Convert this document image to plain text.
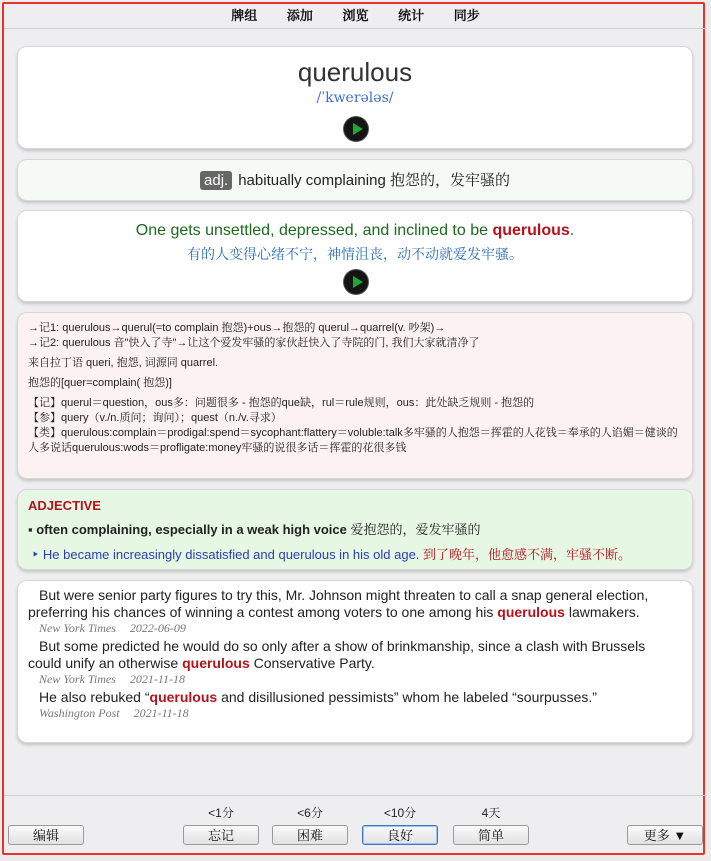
牌组 添加 浏览 统计 同步
querulous
/ˈkwerələs/
adj. habitually complaining 抱怨的，发牢骚的
One gets unsettled, depressed, and inclined to be querulous.
有的人变得心绪不宁，神情沮丧，动不动就爱发牢骚。

→记1: querulous→querul(=to complain 抱怨)+ous→抱怨的 querul→quarrel(v. 吵架)→

→记2: querulous 音"快入了寺"→让这个爱发牢骚的家伙赶快入了寺院的门, 我们大家就清净了

来自拉丁语 queri, 抱怨, 词源同 quarrel.

抱怨的[quer=complain( 抱怨)]

【记】querul＝question，ous多：问题很多 - 抱怨的que缺，rul＝rule规则，ous：此处缺乏规则 - 抱怨的

【参】query（v./n.质问；询问）；quest（n./v.寻求）

【类】querulous:complain＝prodigal:spend＝sycophant:flattery＝voluble:talk多牢骚的人抱怨＝挥霍的人花钱＝奉承的人谄媚＝健谈的人多说话querulous:wods＝profligate:money牢骚的说很多话＝挥霍的花很多钱

ADJECTIVE
▪ often complaining, especially in a weak high voice 爱抱怨的，爱发牢骚的
‣ He became increasingly dissatisfied and querulous in his old age. 到了晚年，他愈感不满，牢骚不断。
But were senior party figures to try this, Mr. Johnson might threaten to call a snap general election, preferring his chances of winning a contest among voters to one among his querulous lawmakers.
New York Times 2022-06-09
But some predicted he would do so only after a show of brinkmanship, since a clash with Brussels could unify an otherwise querulous Conservative Party.
New York Times 2021-11-18
He also rebuked “querulous and disillusioned pessimists” whom he labeled “sourpusses.”
Washington Post 2021-11-18
<1分	<6分	<10分	4天
编辑	忘记	困难	良好	简单	更多 ▼
